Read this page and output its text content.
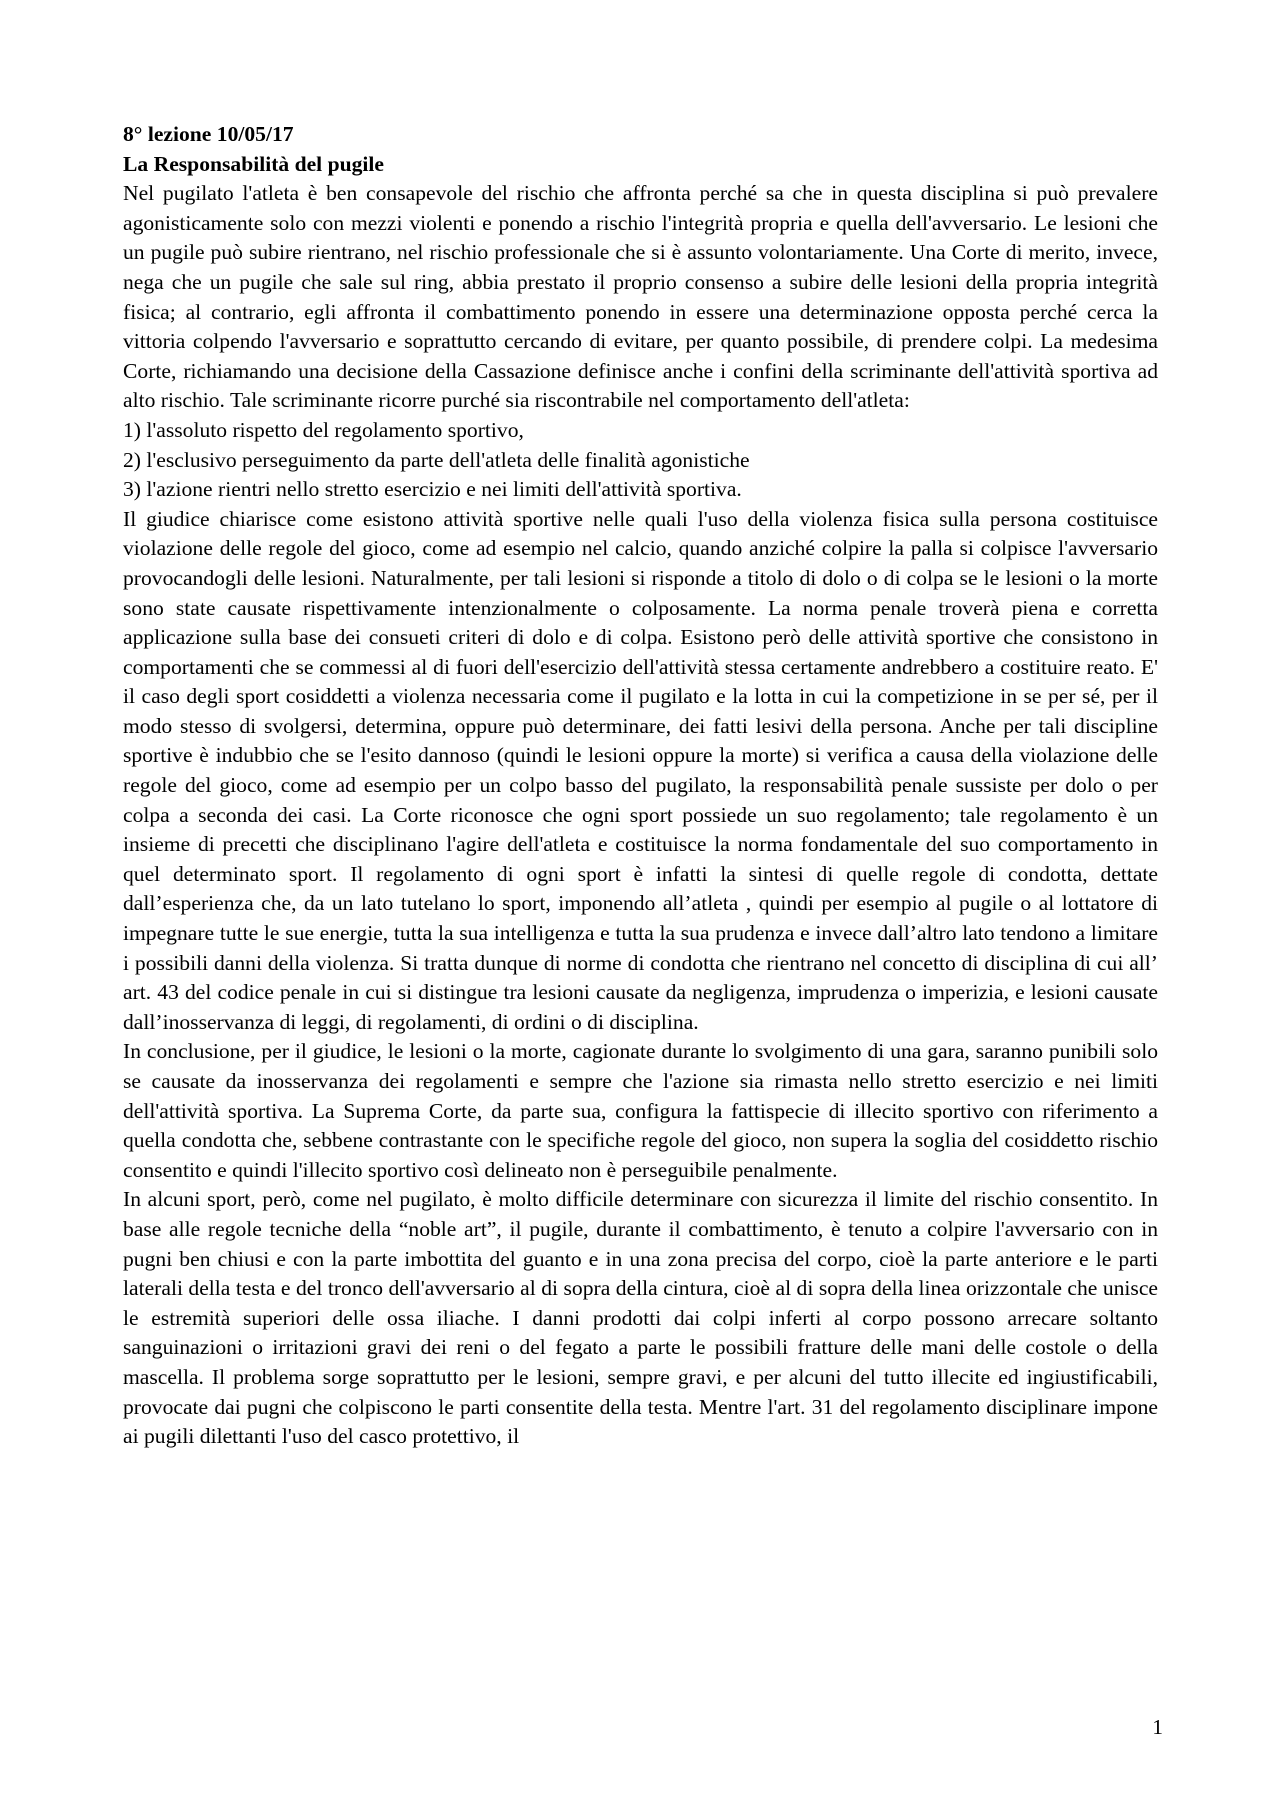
8° lezione 10/05/17

La Responsabilità del pugile

Nel pugilato l'atleta è ben consapevole del rischio che affronta perché sa che in questa disciplina si può prevalere agonisticamente solo con mezzi violenti e ponendo a rischio l'integrità propria e quella dell'avversario. Le lesioni che un pugile può subire rientrano, nel rischio professionale che si è assunto volontariamente. Una Corte di merito, invece, nega che un pugile che sale sul ring, abbia prestato il proprio consenso a subire delle lesioni della propria integrità fisica; al contrario, egli affronta il combattimento ponendo in essere una determinazione opposta perché cerca la vittoria colpendo l'avversario e soprattutto cercando di evitare, per quanto possibile, di prendere colpi. La medesima Corte, richiamando una decisione della Cassazione definisce anche i confini della scriminante dell'attività sportiva ad alto rischio. Tale scriminante ricorre purché sia riscontrabile nel comportamento dell'atleta:

1) l'assoluto rispetto del regolamento sportivo,

2) l'esclusivo perseguimento da parte dell'atleta delle finalità agonistiche

3) l'azione rientri nello stretto esercizio e nei limiti dell'attività sportiva.

Il giudice chiarisce come esistono attività sportive nelle quali l'uso della violenza fisica sulla persona costituisce violazione delle regole del gioco, come ad esempio nel calcio, quando anziché colpire la palla si colpisce l'avversario provocandogli delle lesioni. Naturalmente, per tali lesioni si risponde a titolo di dolo o di colpa se le lesioni o la morte sono state causate rispettivamente intenzionalmente o colposamente. La norma penale troverà piena e corretta applicazione sulla base dei consueti criteri di dolo e di colpa. Esistono però delle attività sportive che consistono in comportamenti che se commessi al di fuori dell'esercizio dell'attività stessa certamente andrebbero a costituire reato. E' il caso degli sport cosiddetti a violenza necessaria come il pugilato e la lotta in cui la competizione in se per sé, per il modo stesso di svolgersi, determina, oppure può determinare, dei fatti lesivi della persona. Anche per tali discipline sportive è indubbio che se l'esito dannoso (quindi le lesioni oppure la morte) si verifica a causa della violazione delle regole del gioco, come ad esempio per un colpo basso del pugilato, la responsabilità penale sussiste per dolo o per colpa a seconda dei casi. La Corte riconosce che ogni sport possiede un suo regolamento; tale regolamento è un insieme di precetti che disciplinano l'agire dell'atleta e costituisce la norma fondamentale del suo comportamento in quel determinato sport. Il regolamento di ogni sport è infatti la sintesi di quelle regole di condotta, dettate dall’esperienza che, da un lato tutelano lo sport, imponendo all’atleta , quindi per esempio al pugile o al lottatore di impegnare tutte le sue energie, tutta la sua intelligenza e tutta la sua prudenza e invece dall’altro lato tendono a limitare i possibili danni della violenza. Si tratta dunque di norme di condotta che rientrano nel concetto di disciplina di cui all’ art. 43 del codice penale in cui si distingue tra lesioni causate da negligenza, imprudenza o imperizia, e lesioni causate dall’inosservanza di leggi, di regolamenti, di ordini o di disciplina.

In conclusione, per il giudice, le lesioni o la morte, cagionate durante lo svolgimento di una gara, saranno punibili solo se causate da inosservanza dei regolamenti e sempre che l'azione sia rimasta nello stretto esercizio e nei limiti dell'attività sportiva. La Suprema Corte, da parte sua, configura la fattispecie di illecito sportivo con riferimento a quella condotta che, sebbene contrastante con le specifiche regole del gioco, non supera la soglia del cosiddetto rischio consentito e quindi l'illecito sportivo così delineato non è perseguibile penalmente.

In alcuni sport, però, come nel pugilato, è molto difficile determinare con sicurezza il limite del rischio consentito. In base alle regole tecniche della “noble art”, il pugile, durante il combattimento, è tenuto a colpire l'avversario con in pugni ben chiusi e con la parte imbottita del guanto e in una zona precisa del corpo, cioè la parte anteriore e le parti laterali della testa e del tronco dell'avversario al di sopra della cintura, cioè al di sopra della linea orizzontale che unisce le estremità superiori delle ossa iliache. I danni prodotti dai colpi inferti al corpo possono arrecare soltanto sanguinazioni o irritazioni gravi dei reni o del fegato a parte le possibili fratture delle mani delle costole o della mascella. Il problema sorge soprattutto per le lesioni, sempre gravi, e per alcuni del tutto illecite ed ingiustificabili, provocate dai pugni che colpiscono le parti consentite della testa. Mentre l'art. 31 del regolamento disciplinare impone ai pugili dilettanti l'uso del casco protettivo, il

1
